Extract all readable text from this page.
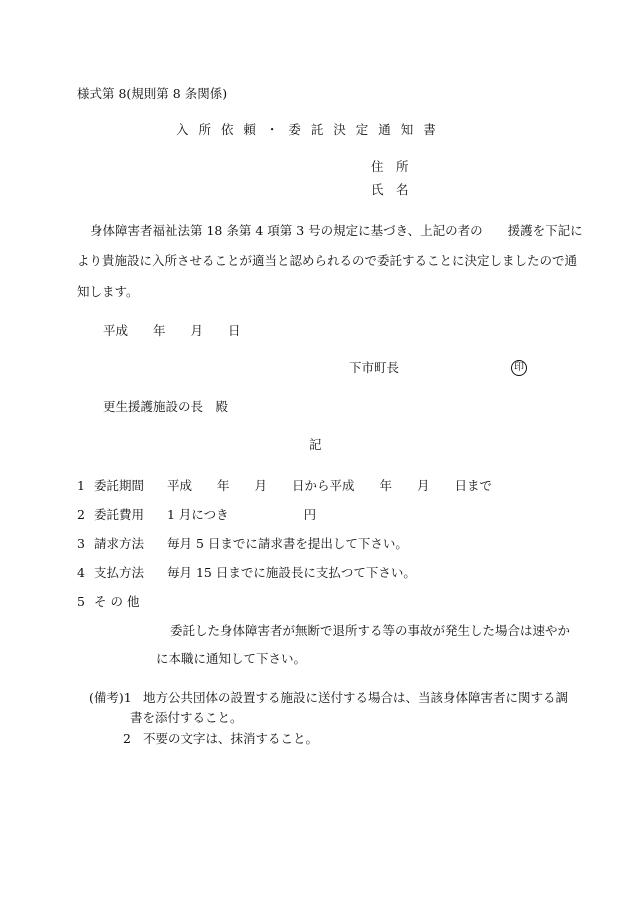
様式第 8(規則第 8 条関係)
入 所 依 頼 ・ 委 託 決 定 通 知 書
住　所
氏　名
身体障害者福祉法第 18 条第 4 項第 3 号の規定に基づき、上記の者の　　援護を下記に
より貴施設に入所させることが適当と認められるので委託することに決定しましたので通
知します。
平成　　年　　月　　日
下市町長	印
更生援護施設の長　殿
記
1 委託期間 平成　　年　　月　　日から平成　　年　　月　　日まで
2 委託費用 1 月につき　　　　　　円
3 請求方法 毎月 5 日までに請求書を提出して下さい。
4 支払方法 毎月 15 日までに施設長に支払つて下さい。
5 そ の 他
委託した身体障害者が無断で退所する等の事故が発生した場合は速やか
に本職に通知して下さい。
(備考)1 地方公共団体の設置する施設に送付する場合は、当該身体障害者に関する調
書を添付すること。
2 不要の文字は、抹消すること。
